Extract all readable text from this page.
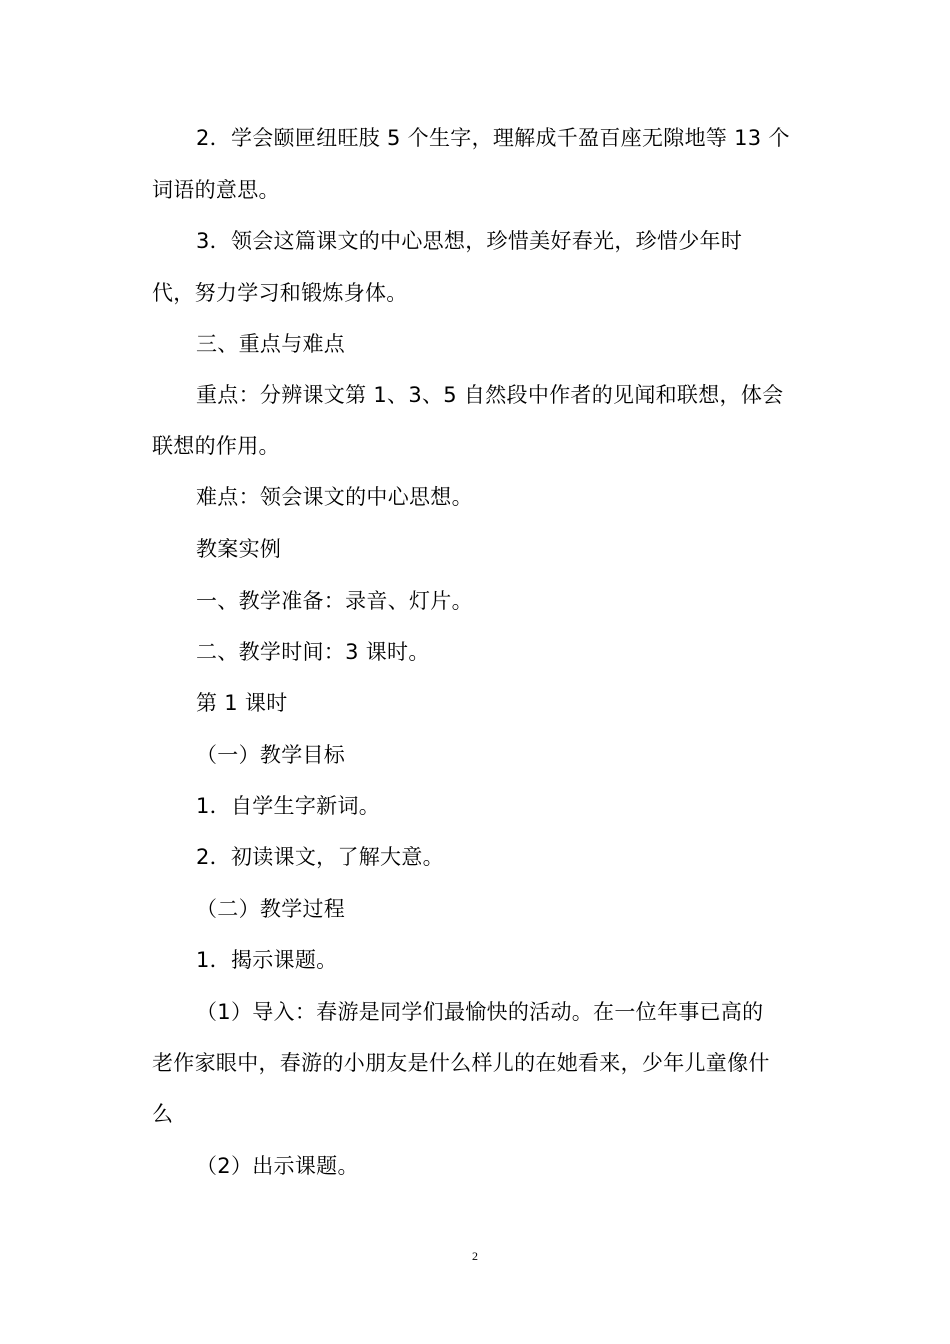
2．学会颐匣纽旺肢 5 个生字，理解成千盈百座无隙地等 13 个
词语的意思。
3．领会这篇课文的中心思想，珍惜美好春光，珍惜少年时
代，努力学习和锻炼身体。
三、重点与难点
重点：分辨课文第 1、3、5 自然段中作者的见闻和联想，体会
联想的作用。
难点：领会课文的中心思想。
教案实例
一、教学准备：录音、灯片。
二、教学时间：3 课时。
第 1 课时
（一）教学目标
1．自学生字新词。
2．初读课文，了解大意。
（二）教学过程
1．揭示课题。
（1）导入：春游是同学们最愉快的活动。在一位年事已高的
老作家眼中，春游的小朋友是什么样儿的在她看来，少年儿童像什
么
（2）出示课题。
2
